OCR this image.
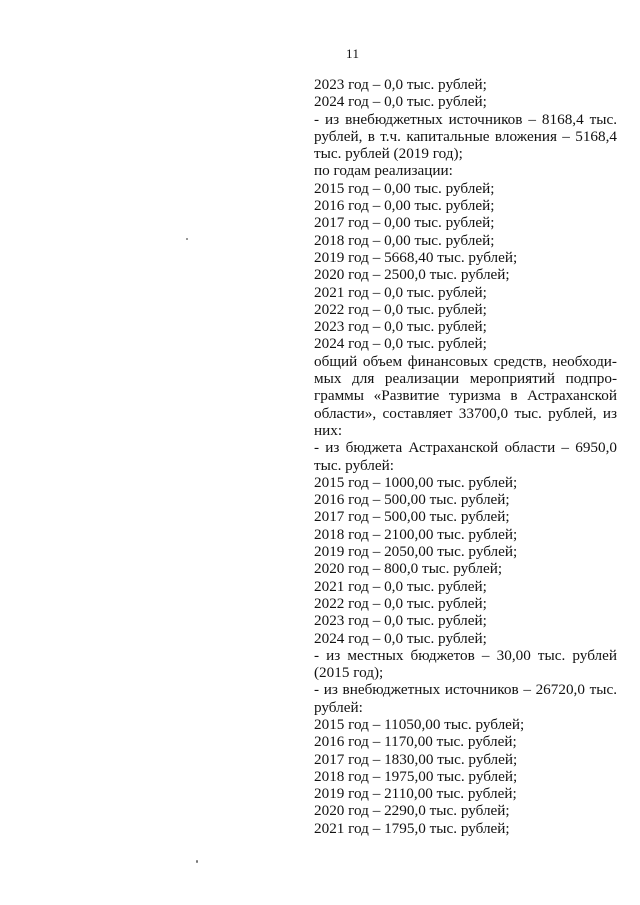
11
2023 год – 0,0 тыс. рублей;
2024 год – 0,0 тыс. рублей;
- из внебюджетных источников – 8168,4 тыс.
рублей, в т.ч. капитальные вложения – 5168,4
тыс. рублей (2019 год);
по годам реализации:
2015 год – 0,00 тыс. рублей;
2016 год – 0,00 тыс. рублей;
2017 год – 0,00 тыс. рублей;
2018 год – 0,00 тыс. рублей;
2019 год – 5668,40 тыс. рублей;
2020 год – 2500,0 тыс. рублей;
2021 год – 0,0 тыс. рублей;
2022 год – 0,0 тыс. рублей;
2023 год – 0,0 тыс. рублей;
2024 год – 0,0 тыс. рублей;
общий объем финансовых средств, необходи-
мых для реализации мероприятий подпро-
граммы «Развитие туризма в Астраханской
области», составляет 33700,0 тыс. рублей, из
них:
- из бюджета Астраханской области – 6950,0
тыс. рублей:
2015 год – 1000,00 тыс. рублей;
2016 год – 500,00 тыс. рублей;
2017 год – 500,00 тыс. рублей;
2018 год – 2100,00 тыс. рублей;
2019 год – 2050,00 тыс. рублей;
2020 год – 800,0 тыс. рублей;
2021 год – 0,0 тыс. рублей;
2022 год – 0,0 тыс. рублей;
2023 год – 0,0 тыс. рублей;
2024 год – 0,0 тыс. рублей;
- из местных бюджетов – 30,00 тыс. рублей
(2015 год);
- из внебюджетных источников – 26720,0 тыс.
рублей:
2015 год – 11050,00 тыс. рублей;
2016 год – 1170,00 тыс. рублей;
2017 год – 1830,00 тыс. рублей;
2018 год – 1975,00 тыс. рублей;
2019 год – 2110,00 тыс. рублей;
2020 год – 2290,0 тыс. рублей;
2021 год – 1795,0 тыс. рублей;
